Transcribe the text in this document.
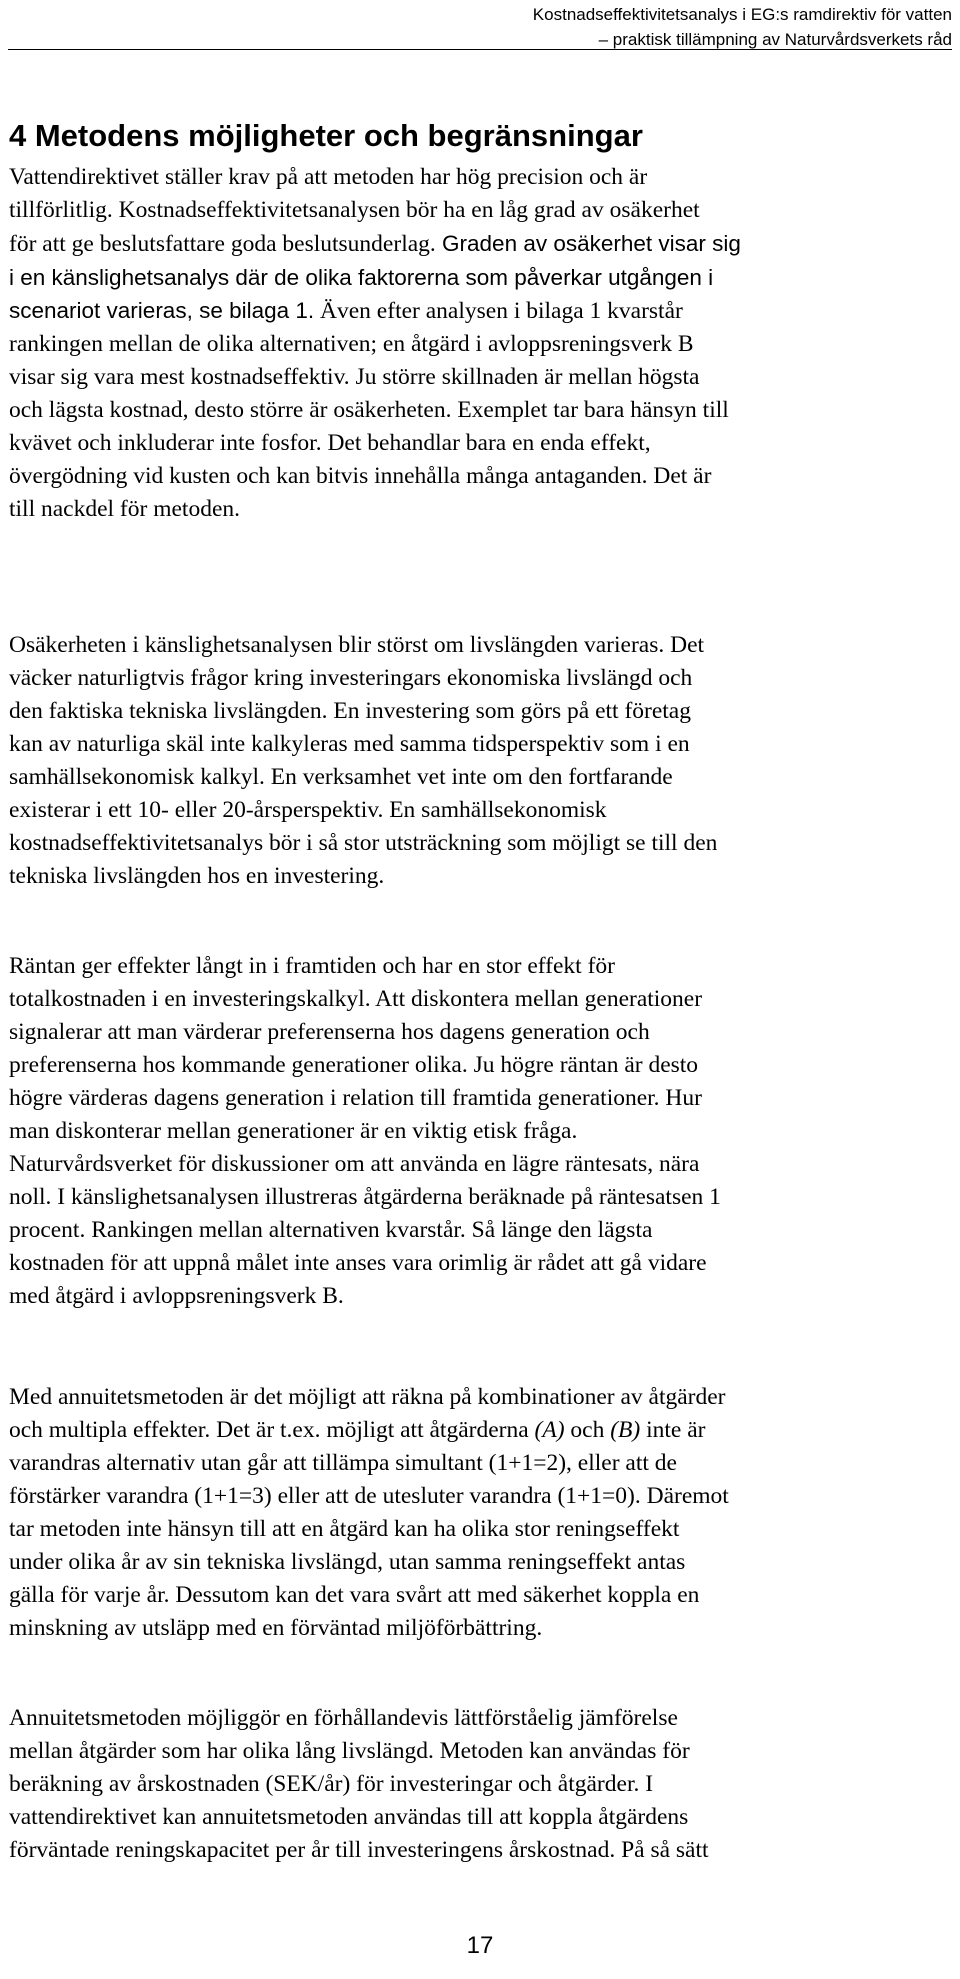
Kostnadseffektivitetsanalys i EG:s ramdirektiv för vatten
– praktisk tillämpning av Naturvårdsverkets råd
4 Metodens möjligheter och begränsningar

Vattendirektivet ställer krav på att metoden har hög precision och är
tillförlitlig. Kostnadseffektivitetsanalysen bör ha en låg grad av osäkerhet
för att ge beslutsfattare goda beslutsunderlag. Graden av osäkerhet visar sig
i en känslighetsanalys där de olika faktorerna som påverkar utgången i
scenariot varieras, se bilaga 1. Även efter analysen i bilaga 1 kvarstår
rankingen mellan de olika alternativen; en åtgärd i avloppsreningsverk B
visar sig vara mest kostnadseffektiv. Ju större skillnaden är mellan högsta
och lägsta kostnad, desto större är osäkerheten. Exemplet tar bara hänsyn till
kvävet och inkluderar inte fosfor. Det behandlar bara en enda effekt,
övergödning vid kusten och kan bitvis innehålla många antaganden. Det är
till nackdel för metoden.

Osäkerheten i känslighetsanalysen blir störst om livslängden varieras. Det
väcker naturligtvis frågor kring investeringars ekonomiska livslängd och
den faktiska tekniska livslängden. En investering som görs på ett företag
kan av naturliga skäl inte kalkyleras med samma tidsperspektiv som i en
samhällsekonomisk kalkyl. En verksamhet vet inte om den fortfarande
existerar i ett 10- eller 20-årsperspektiv. En samhällsekonomisk
kostnadseffektivitetsanalys bör i så stor utsträckning som möjligt se till den
tekniska livslängden hos en investering.

Räntan ger effekter långt in i framtiden och har en stor effekt för
totalkostnaden i en investeringskalkyl. Att diskontera mellan generationer
signalerar att man värderar preferenserna hos dagens generation och
preferenserna hos kommande generationer olika. Ju högre räntan är desto
högre värderas dagens generation i relation till framtida generationer. Hur
man diskonterar mellan generationer är en viktig etisk fråga.
Naturvårdsverket för diskussioner om att använda en lägre räntesats, nära
noll. I känslighetsanalysen illustreras åtgärderna beräknade på räntesatsen 1
procent. Rankingen mellan alternativen kvarstår. Så länge den lägsta
kostnaden för att uppnå målet inte anses vara orimlig är rådet att gå vidare
med åtgärd i avloppsreningsverk B.

Med annuitetsmetoden är det möjligt att räkna på kombinationer av åtgärder
och multipla effekter. Det är t.ex. möjligt att åtgärderna (A) och (B) inte är
varandras alternativ utan går att tillämpa simultant (1+1=2), eller att de
förstärker varandra (1+1=3) eller att de utesluter varandra (1+1=0). Däremot
tar metoden inte hänsyn till att en åtgärd kan ha olika stor reningseffekt
under olika år av sin tekniska livslängd, utan samma reningseffekt antas
gälla för varje år. Dessutom kan det vara svårt att med säkerhet koppla en
minskning av utsläpp med en förväntad miljöförbättring.

Annuitetsmetoden möjliggör en förhållandevis lättförståelig jämförelse
mellan åtgärder som har olika lång livslängd. Metoden kan användas för
beräkning av årskostnaden (SEK/år) för investeringar och åtgärder. I
vattendirektivet kan annuitetsmetoden användas till att koppla åtgärdens
förväntade reningskapacitet per år till investeringens årskostnad. På så sätt

17
